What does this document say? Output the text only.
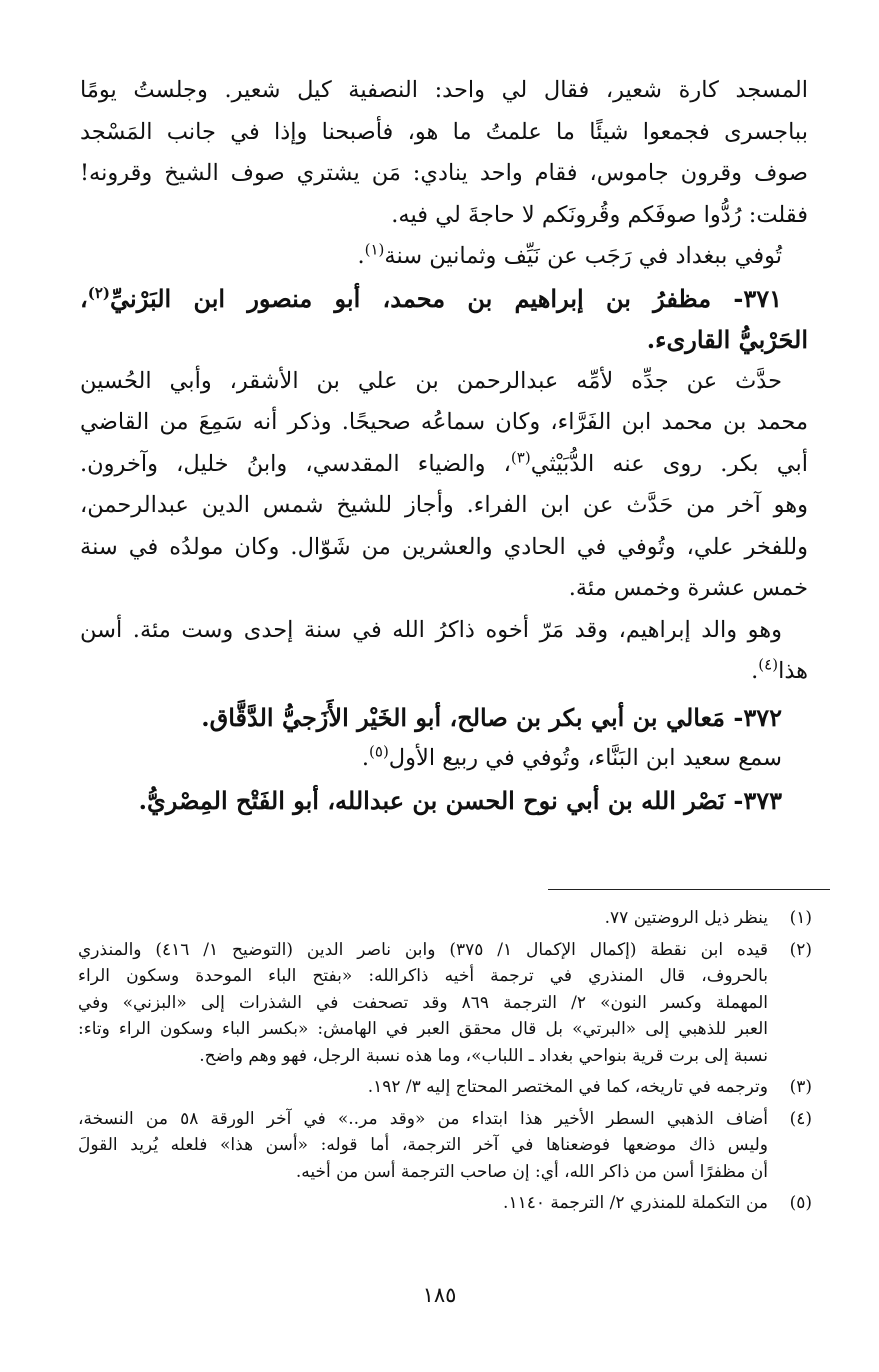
المسجد كارة شعير، فقال لي واحد: النصفية كيل شعير. وجلستُ يومًا
بباجسرى فجمعوا شيئًا ما علمتُ ما هو، فأصبحنا وإذا في جانب المَسْجد
صوف وقرون جاموس، فقام واحد ينادي: مَن يشتري صوف الشيخ وقرونه!
فقلت: رُدُّوا صوفَكم وقُرونَكم لا حاجةَ لي فيه.
تُوفي ببغداد في رَجَب عن نَيِّف وثمانين سنة$^{(١)}$.
٣٧١- مظفرُ بن إبراهيم بن محمد، أبو منصور ابن البَرْنيِّ$^{(٢)}$،
الحَرْبيُّ القارىء.
حدَّث عن جدِّه لأمِّه عبدالرحمن بن علي بن الأشقر، وأبي الحُسين
محمد بن محمد ابن الفَرَّاء، وكان سماعُه صحيحًا. وذكر أنه سَمِعَ من القاضي
أبي بكر. روى عنه الدُّبَيْثي$^{(٣)}$، والضياء المقدسي، وابنُ خليل، وآخرون.
وهو آخر من حَدَّث عن ابن الفراء. وأجاز للشيخ شمس الدين عبدالرحمن،
وللفخر علي، وتُوفي في الحادي والعشرين من شَوّال. وكان مولدُه في سنة
خمس عشرة وخمس مئة.
وهو والد إبراهيم، وقد مَرّ أخوه ذاكرُ الله في سنة إحدى وست مئة. أسن
هذا$^{(٤)}$.
٣٧٢- مَعالي بن أبي بكر بن صالح، أبو الخَيْر الأَزَجيُّ الدَّقَّاق.
سمع سعيد ابن البَنَّاء، وتُوفي في ربيع الأول$^{(٥)}$.
٣٧٣- نَصْر الله بن أبي نوح الحسن بن عبدالله، أبو الفَتْح المِصْريُّ.
(١)
ينظر ذيل الروضتين ٧٧.
(٢)
قيده ابن نقطة (إكمال الإكمال ١/ ٣٧٥) وابن ناصر الدين (التوضيح ١/ ٤١٦) والمنذري
بالحروف، قال المنذري في ترجمة أخيه ذاكرالله: «بفتح الباء الموحدة وسكون الراء
المهملة وكسر النون» ٢/ الترجمة ٨٦٩ وقد تصحفت في الشذرات إلى «البزني» وفي
العبر للذهبي إلى «البرتي» بل قال محقق العبر في الهامش: «بكسر الباء وسكون الراء وتاء:
نسبة إلى برت قرية بنواحي بغداد ـ اللباب»، وما هذه نسبة الرجل، فهو وهم واضح.
(٣)
وترجمه في تاريخه، كما في المختصر المحتاج إليه ٣/ ١٩٢.
(٤)
أضاف الذهبي السطر الأخير هذا ابتداء من «وقد مر..» في آخر الورقة ٥٨ من النسخة،
وليس ذاك موضعها فوضعناها في آخر الترجمة، أما قوله: «أسن هذا» فلعله يُريد القولَ
أن مظفرًا أسن من ذاكر الله، أي: إن صاحب الترجمة أسن من أخيه.
(٥)
من التكملة للمنذري ٢/ الترجمة ١١٤٠.
١٨٥
